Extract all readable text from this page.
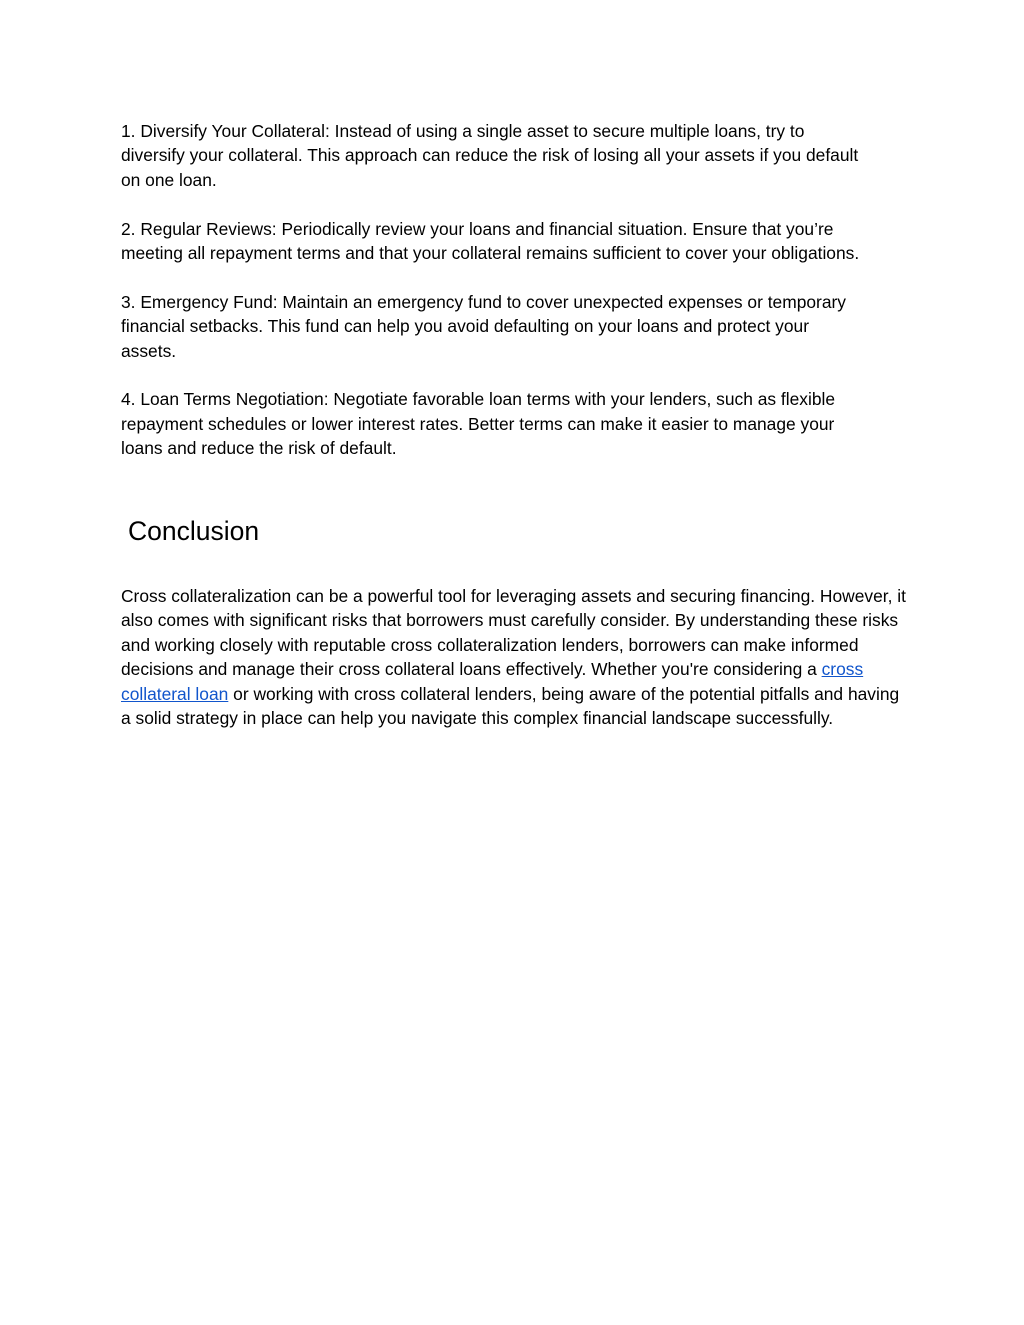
1. Diversify Your Collateral: Instead of using a single asset to secure multiple loans, try to
diversify your collateral. This approach can reduce the risk of losing all your assets if you default
on one loan.

2. Regular Reviews: Periodically review your loans and financial situation. Ensure that you’re
meeting all repayment terms and that your collateral remains sufficient to cover your obligations.

3. Emergency Fund: Maintain an emergency fund to cover unexpected expenses or temporary
financial setbacks. This fund can help you avoid defaulting on your loans and protect your
assets.

4. Loan Terms Negotiation: Negotiate favorable loan terms with your lenders, such as flexible
repayment schedules or lower interest rates. Better terms can make it easier to manage your
loans and reduce the risk of default.

Conclusion

Cross collateralization can be a powerful tool for leveraging assets and securing financing. However, it also comes with significant risks that borrowers must carefully consider. By understanding these risks and working closely with reputable cross collateralization lenders, borrowers can make informed decisions and manage their cross collateral loans effectively. Whether you're considering a cross collateral loan or working with cross collateral lenders, being aware of the potential pitfalls and having a solid strategy in place can help you navigate this complex financial landscape successfully.
